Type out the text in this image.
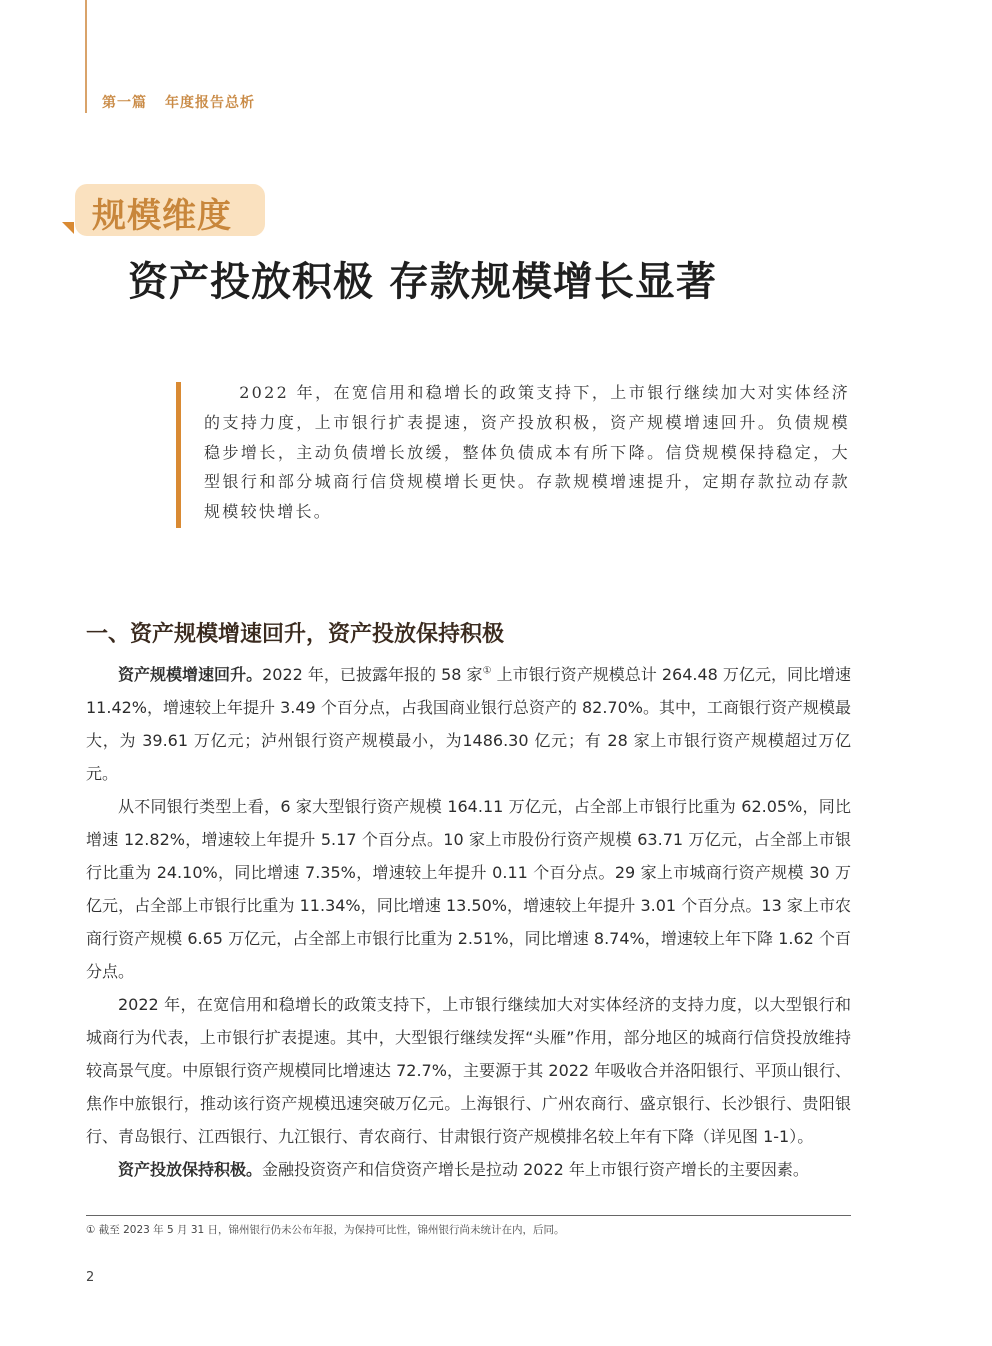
第一篇 年度报告总析
规模维度
资产投放积极 存款规模增长显著
2022 年，在宽信用和稳增长的政策支持下，上市银行继续加大对实体经济的支持力度，上市银行扩表提速，资产投放积极，资产规模增速回升。负债规模稳步增长，主动负债增长放缓，整体负债成本有所下降。信贷规模保持稳定，大型银行和部分城商行信贷规模增长更快。存款规模增速提升，定期存款拉动存款规模较快增长。
一、资产规模增速回升，资产投放保持积极

资产规模增速回升。2022 年，已披露年报的 58 家① 上市银行资产规模总计 264.48 万亿元，同比增速 11.42%，增速较上年提升 3.49 个百分点，占我国商业银行总资产的 82.70%。其中，工商银行资产规模最大，为 39.61 万亿元；泸州银行资产规模最小，为1486.30 亿元；有 28 家上市银行资产规模超过万亿元。

从不同银行类型上看，6 家大型银行资产规模 164.11 万亿元，占全部上市银行比重为 62.05%，同比增速 12.82%，增速较上年提升 5.17 个百分点。10 家上市股份行资产规模 63.71 万亿元，占全部上市银行比重为 24.10%，同比增速 7.35%，增速较上年提升 0.11 个百分点。29 家上市城商行资产规模 30 万亿元，占全部上市银行比重为 11.34%，同比增速 13.50%，增速较上年提升 3.01 个百分点。13 家上市农商行资产规模 6.65 万亿元，占全部上市银行比重为 2.51%，同比增速 8.74%，增速较上年下降 1.62 个百分点。

2022 年，在宽信用和稳增长的政策支持下，上市银行继续加大对实体经济的支持力度，以大型银行和城商行为代表，上市银行扩表提速。其中，大型银行继续发挥“头雁”作用，部分地区的城商行信贷投放维持较高景气度。中原银行资产规模同比增速达 72.7%，主要源于其 2022 年吸收合并洛阳银行、平顶山银行、焦作中旅银行，推动该行资产规模迅速突破万亿元。上海银行、广州农商行、盛京银行、长沙银行、贵阳银行、青岛银行、江西银行、九江银行、青农商行、甘肃银行资产规模排名较上年有下降（详见图 1-1）。

资产投放保持积极。金融投资资产和信贷资产增长是拉动 2022 年上市银行资产增长的主要因素。

① 截至 2023 年 5 月 31 日，锦州银行仍未公布年报，为保持可比性，锦州银行尚未统计在内，后同。
2
